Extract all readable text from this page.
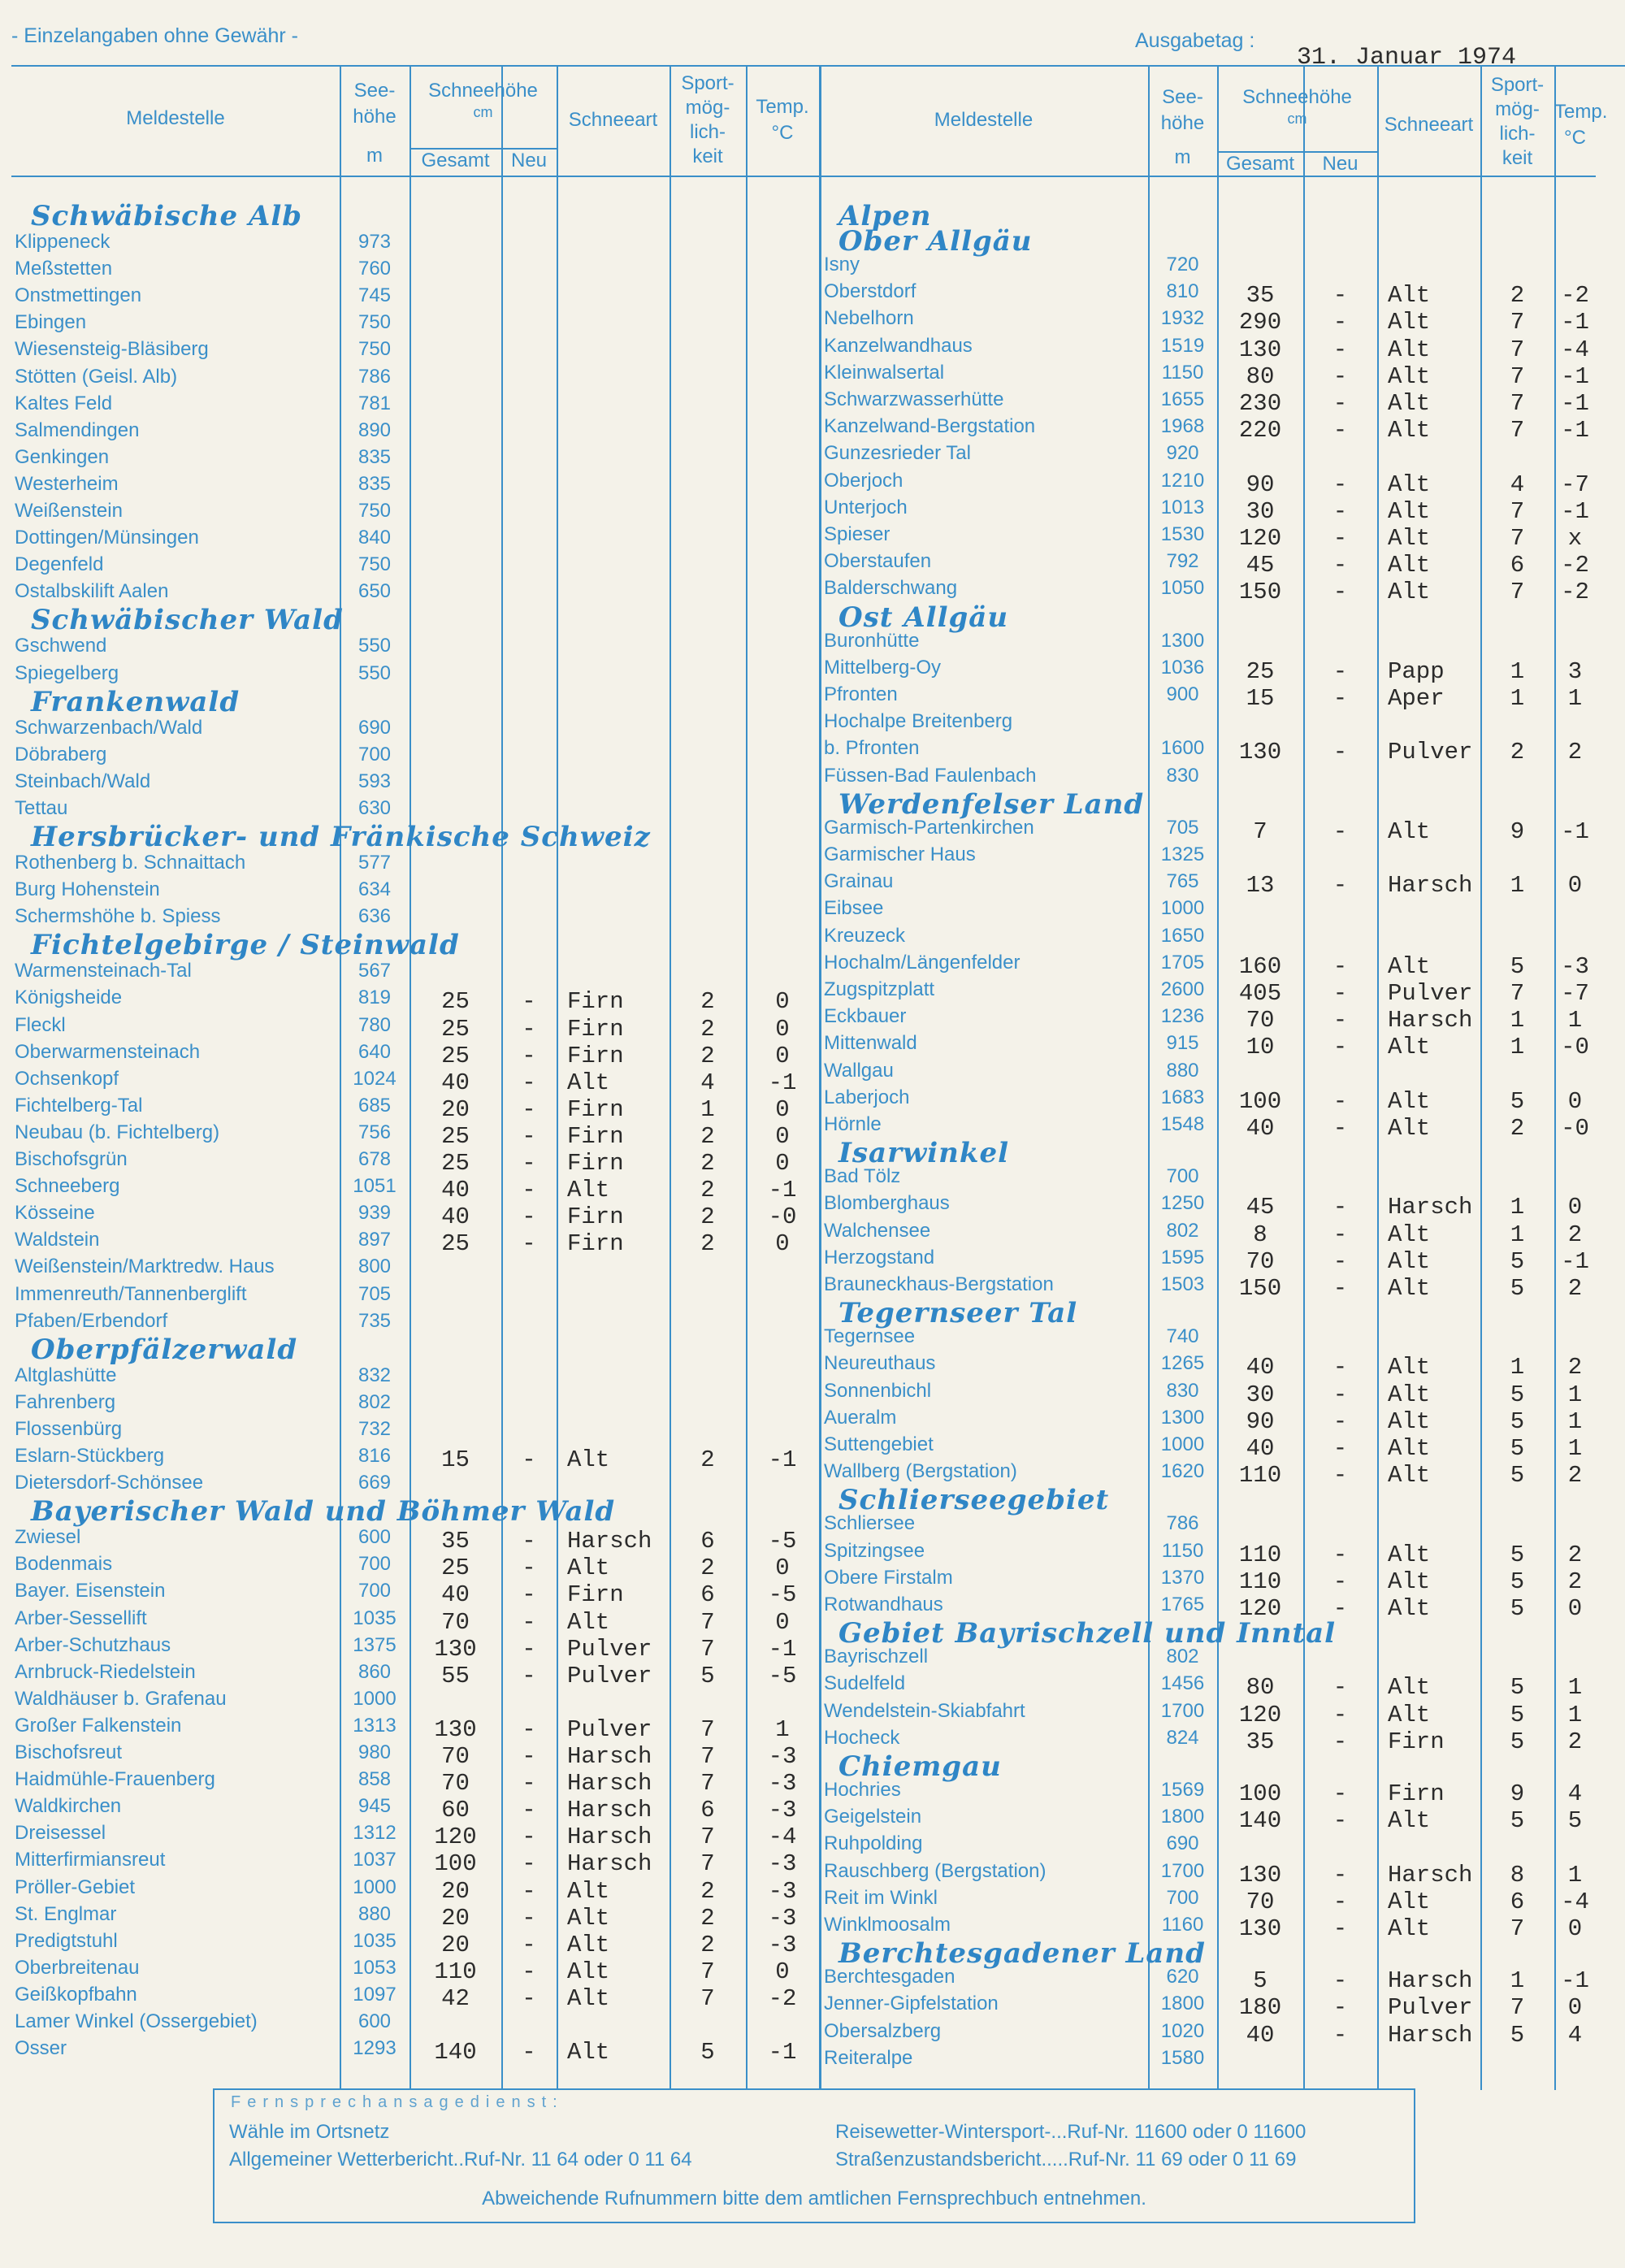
- Einzelangaben ohne Gewähr -	Ausgabetag :
31. Januar 1974
Meldestelle
See-
höhe
m
Schneehöhe
cm
Gesamt	Neu
Schneeart
Sport-
mög-
lich-
keit
Temp.
°C
Schwäbische Alb
Klippeneck	973
Meßstetten	760
Onstmettingen	745
Ebingen	750
Wiesensteig-Bläsiberg	750
Stötten (Geisl. Alb)	786
Kaltes Feld	781
Salmendingen	890
Genkingen	835
Westerheim	835
Weißenstein	750
Dottingen/Münsingen	840
Degenfeld	750
Ostalbskilift Aalen	650
Schwäbischer Wald
Gschwend	550
Spiegelberg	550
Frankenwald
Schwarzenbach/Wald	690
Döbraberg	700
Steinbach/Wald	593
Tettau	630
Hersbrücker- und Fränkische Schweiz
Rothenberg b. Schnaittach	577
Burg Hohenstein	634
Schermshöhe b. Spiess	636
Fichtelgebirge / Steinwald
Warmensteinach-Tal	567
Königsheide	819	25	-	Firn	2	0
Fleckl	780	25	-	Firn	2	0
Oberwarmensteinach	640	25	-	Firn	2	0
Ochsenkopf	1024	40	-	Alt	4	-1
Fichtelberg-Tal	685	20	-	Firn	1	0
Neubau (b. Fichtelberg)	756	25	-	Firn	2	0
Bischofsgrün	678	25	-	Firn	2	0
Schneeberg	1051	40	-	Alt	2	-1
Kösseine	939	40	-	Firn	2	-0
Waldstein	897	25	-	Firn	2	0
Weißenstein/Marktredw. Haus	800
Immenreuth/Tannenberglift	705
Pfaben/Erbendorf	735
Oberpfälzerwald
Altglashütte	832
Fahrenberg	802
Flossenbürg	732
Eslarn-Stückberg	816	15	-	Alt	2	-1
Dietersdorf-Schönsee	669
Bayerischer Wald und Böhmer Wald
Zwiesel	600	35	-	Harsch	6	-5
Bodenmais	700	25	-	Alt	2	0
Bayer. Eisenstein	700	40	-	Firn	6	-5
Arber-Sessellift	1035	70	-	Alt	7	0
Arber-Schutzhaus	1375	130	-	Pulver	7	-1
Arnbruck-Riedelstein	860	55	-	Pulver	5	-5
Waldhäuser b. Grafenau	1000
Großer Falkenstein	1313	130	-	Pulver	7	1
Bischofsreut	980	70	-	Harsch	7	-3
Haidmühle-Frauenberg	858	70	-	Harsch	7	-3
Waldkirchen	945	60	-	Harsch	6	-3
Dreisessel	1312	120	-	Harsch	7	-4
Mitterfirmiansreut	1037	100	-	Harsch	7	-3
Pröller-Gebiet	1000	20	-	Alt	2	-3
St. Englmar	880	20	-	Alt	2	-3
Predigtstuhl	1035	20	-	Alt	2	-3
Oberbreitenau	1053	110	-	Alt	7	0
Geißkopfbahn	1097	42	-	Alt	7	-2
Lamer Winkel (Ossergebiet)	600
Osser	1293	140	-	Alt	5	-1
Meldestelle
See-
höhe
m
Schneehöhe
cm
Gesamt	Neu
Schneeart
Sport-
mög-
lich-
keit
Temp.
°C
Alpen
Ober Allgäu
Isny	720
Oberstdorf	810	35	-	Alt	2	-2
Nebelhorn	1932	290	-	Alt	7	-1
Kanzelwandhaus	1519	130	-	Alt	7	-4
Kleinwalsertal	1150	80	-	Alt	7	-1
Schwarzwasserhütte	1655	230	-	Alt	7	-1
Kanzelwand-Bergstation	1968	220	-	Alt	7	-1
Gunzesrieder Tal	920
Oberjoch	1210	90	-	Alt	4	-7
Unterjoch	1013	30	-	Alt	7	-1
Spieser	1530	120	-	Alt	7	x
Oberstaufen	792	45	-	Alt	6	-2
Balderschwang	1050	150	-	Alt	7	-2
Ost Allgäu
Buronhütte	1300
Mittelberg-Oy	1036	25	-	Papp	1	3
Pfronten	900	15	-	Aper	1	1
Hochalpe Breitenberg
b. Pfronten	1600	130	-	Pulver	2	2
Füssen-Bad Faulenbach	830
Werdenfelser Land
Garmisch-Partenkirchen	705	7	-	Alt	9	-1
Garmischer Haus	1325
Grainau	765	13	-	Harsch	1	0
Eibsee	1000
Kreuzeck	1650
Hochalm/Längenfelder	1705	160	-	Alt	5	-3
Zugspitzplatt	2600	405	-	Pulver	7	-7
Eckbauer	1236	70	-	Harsch	1	1
Mittenwald	915	10	-	Alt	1	-0
Wallgau	880
Laberjoch	1683	100	-	Alt	5	0
Hörnle	1548	40	-	Alt	2	-0
Isarwinkel
Bad Tölz	700
Blomberghaus	1250	45	-	Harsch	1	0
Walchensee	802	8	-	Alt	1	2
Herzogstand	1595	70	-	Alt	5	-1
Brauneckhaus-Bergstation	1503	150	-	Alt	5	2
Tegernseer Tal
Tegernsee	740
Neureuthaus	1265	40	-	Alt	1	2
Sonnenbichl	830	30	-	Alt	5	1
Aueralm	1300	90	-	Alt	5	1
Suttengebiet	1000	40	-	Alt	5	1
Wallberg (Bergstation)	1620	110	-	Alt	5	2
Schlierseegebiet
Schliersee	786
Spitzingsee	1150	110	-	Alt	5	2
Obere Firstalm	1370	110	-	Alt	5	2
Rotwandhaus	1765	120	-	Alt	5	0
Gebiet Bayrischzell und Inntal
Bayrischzell	802
Sudelfeld	1456	80	-	Alt	5	1
Wendelstein-Skiabfahrt	1700	120	-	Alt	5	1
Hocheck	824	35	-	Firn	5	2
Chiemgau
Hochries	1569	100	-	Firn	9	4
Geigelstein	1800	140	-	Alt	5	5
Ruhpolding	690
Rauschberg (Bergstation)	1700	130	-	Harsch	8	1
Reit im Winkl	700	70	-	Alt	6	-4
Winklmoosalm	1160	130	-	Alt	7	0
Berchtesgadener Land
Berchtesgaden	620	5	-	Harsch	1	-1
Jenner-Gipfelstation	1800	180	-	Pulver	7	0
Obersalzberg	1020	40	-	Harsch	5	4
Reiteralpe	1580
Fernsprechansagedienst:
Wähle im Ortsnetz
Allgemeiner Wetterbericht..Ruf-Nr. 11 64 oder 0 11 64
Reisewetter-Wintersport-...Ruf-Nr. 11600 oder 0 11600
Straßenzustandsbericht.....Ruf-Nr. 11 69 oder 0 11 69
Abweichende Rufnummern bitte dem amtlichen Fernsprechbuch entnehmen.
